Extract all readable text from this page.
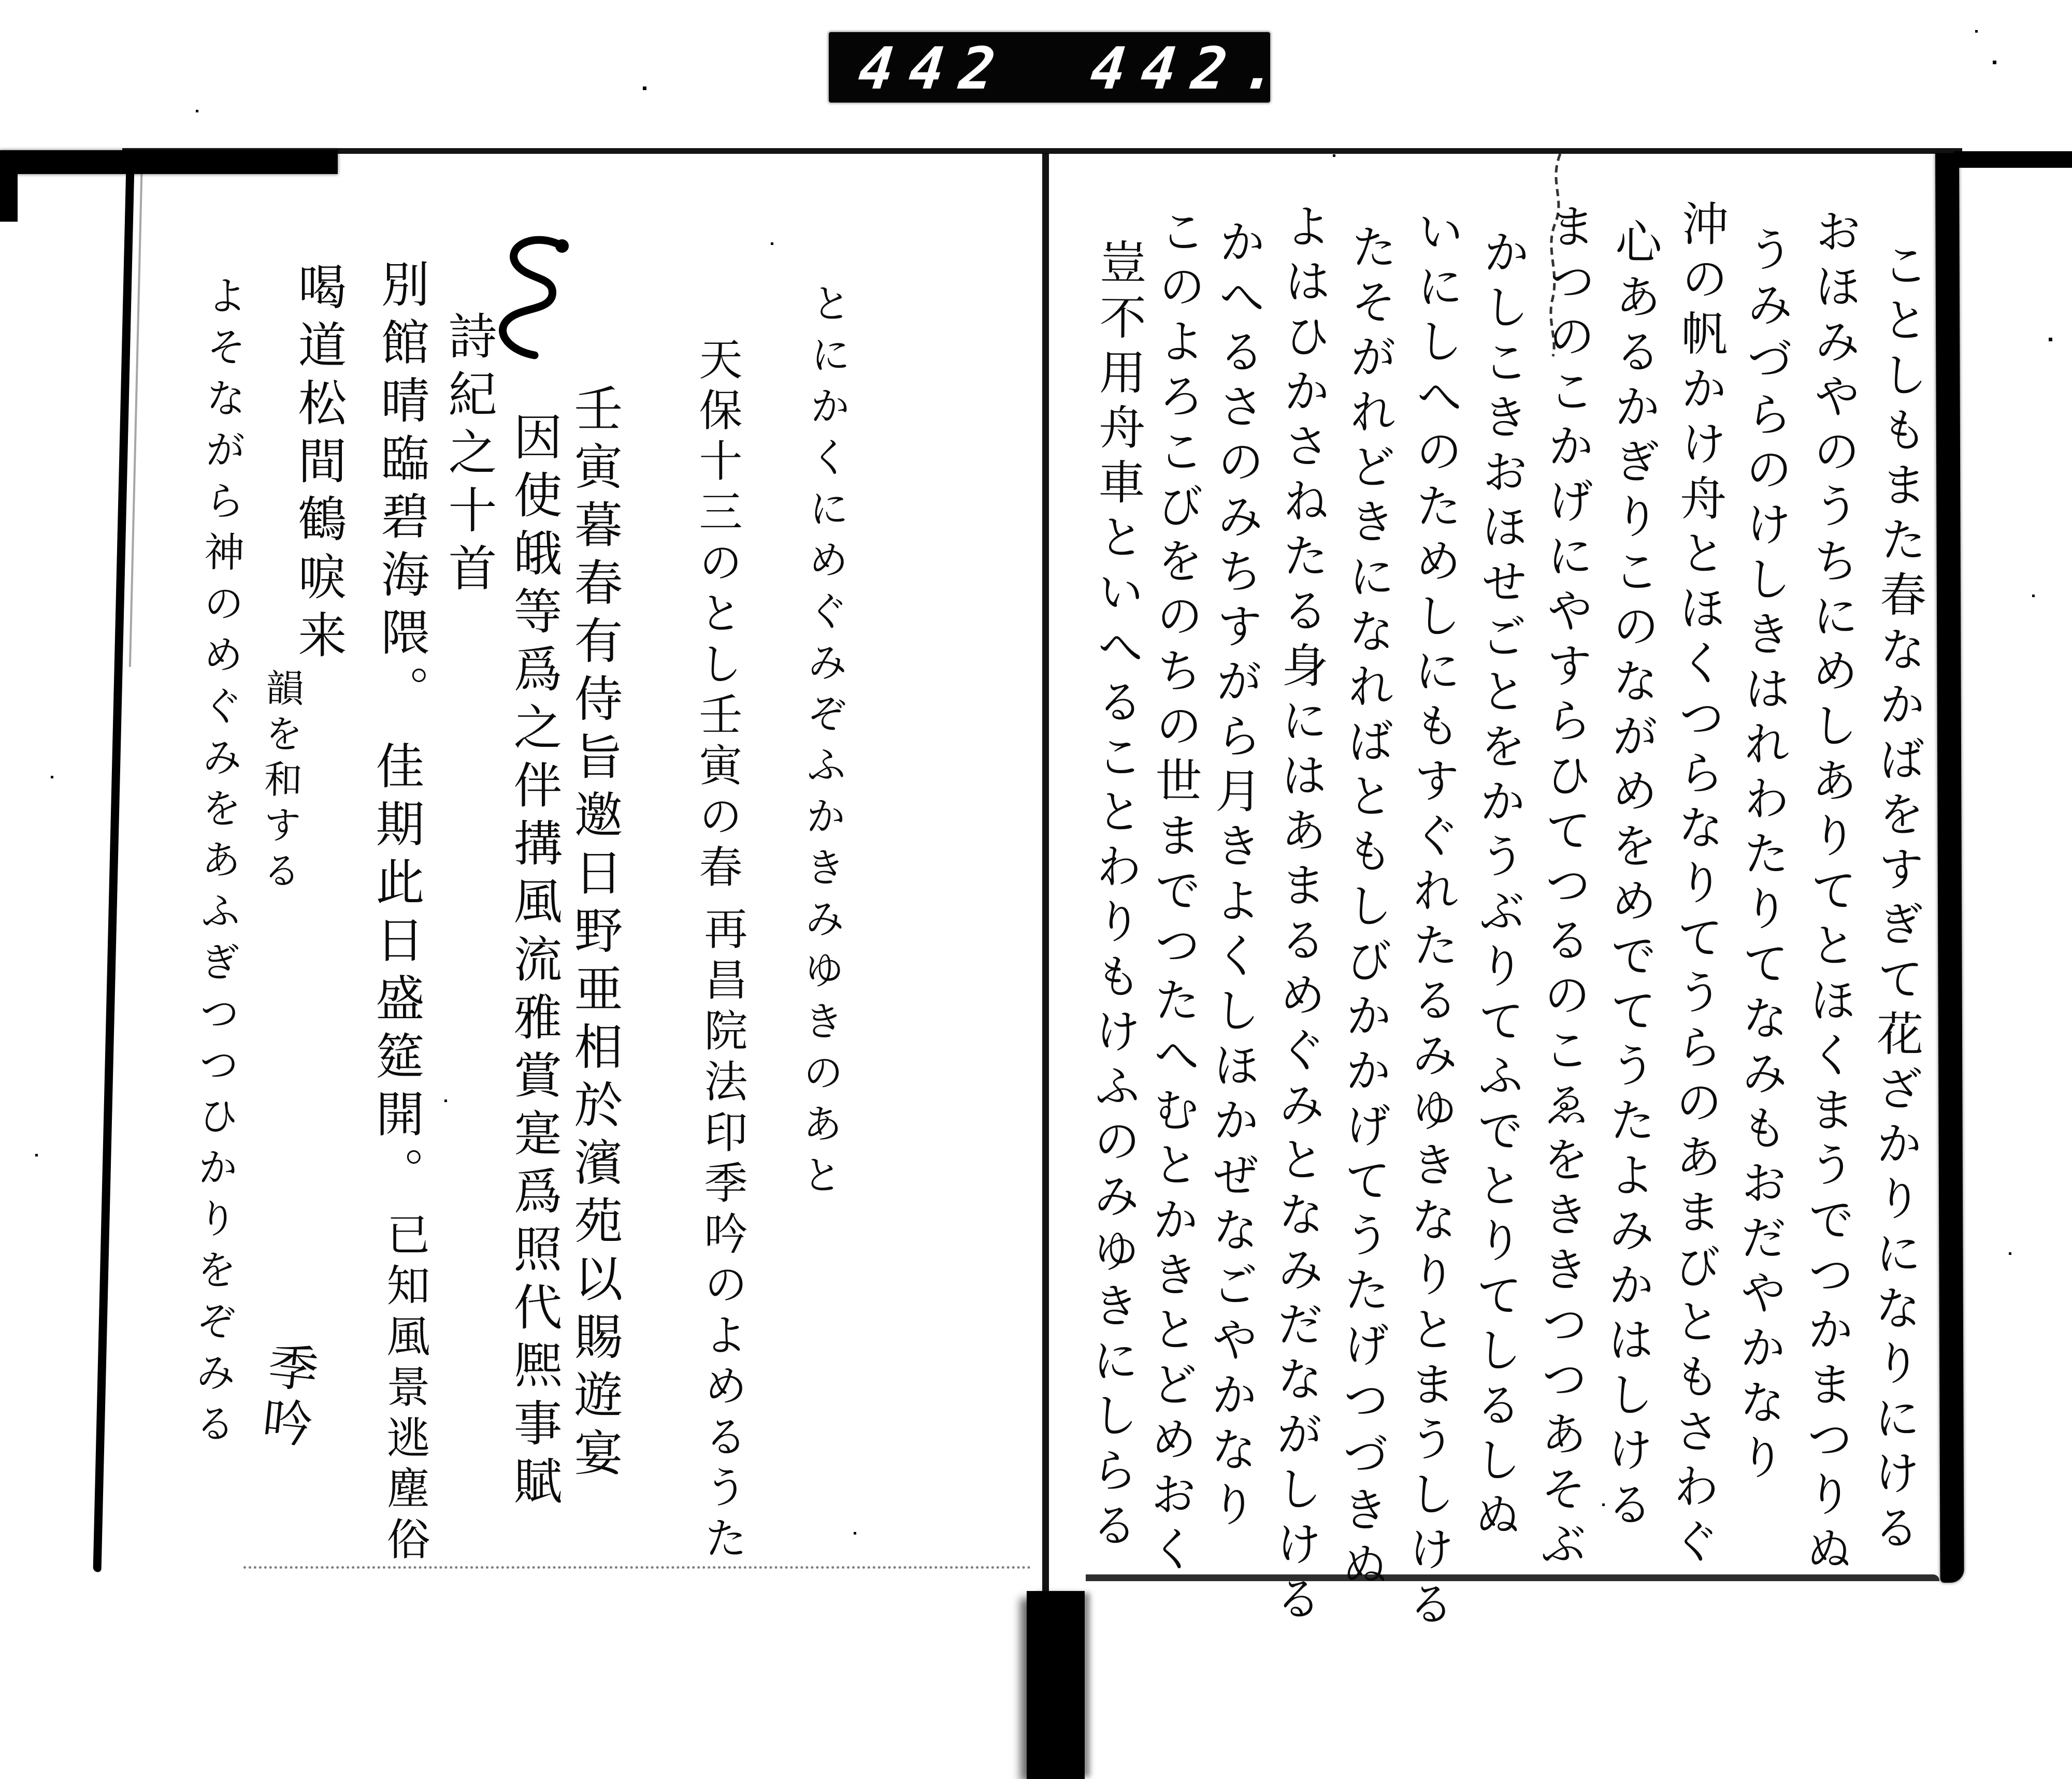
442 442.
とにかくにめぐみぞふかきみゆきのあと
天保十三のとし壬寅の春
再昌院法印季吟のよめるうた
壬寅暮春有侍旨邀日野亜相於濱苑以賜遊宴
因使皒等爲之伴搆風流雅賞寔爲照代熈事賦
詩紀之十首
別館晴臨碧海隈。
佳期此日盛筵開。
喝道松間鶴唳来
已知風景逃塵俗
韻を和する
よそながら神のめぐみをあふぎつつひかりをぞみる 季吟	ことしもまた春なかばをすぎて花ざかりになりにける
おほみやのうちにめしありてとほくまうでつかまつりぬ
うみづらのけしきはれわたりてなみもおだやかなり
沖の帆かけ舟とほくつらなりてうらのあまびともさわぐ
心あるかぎりこのながめをめでてうたよみかはしける
まつのこかげにやすらひてつるのこゑをききつつあそぶ
かしこきおほせごとをかうぶりてふでとりてしるしぬ
いにしへのためしにもすぐれたるみゆきなりとまうしける
たそがれどきになればともしびかかげてうたげつづきぬ
よはひかさねたる身にはあまるめぐみとなみだながしける
かへるさのみちすがら月きよくしほかぜなごやかなり
このよろこびをのちの世までつたへむとかきとどめおく
豈不用舟車といへることわりもけふのみゆきにしらる
